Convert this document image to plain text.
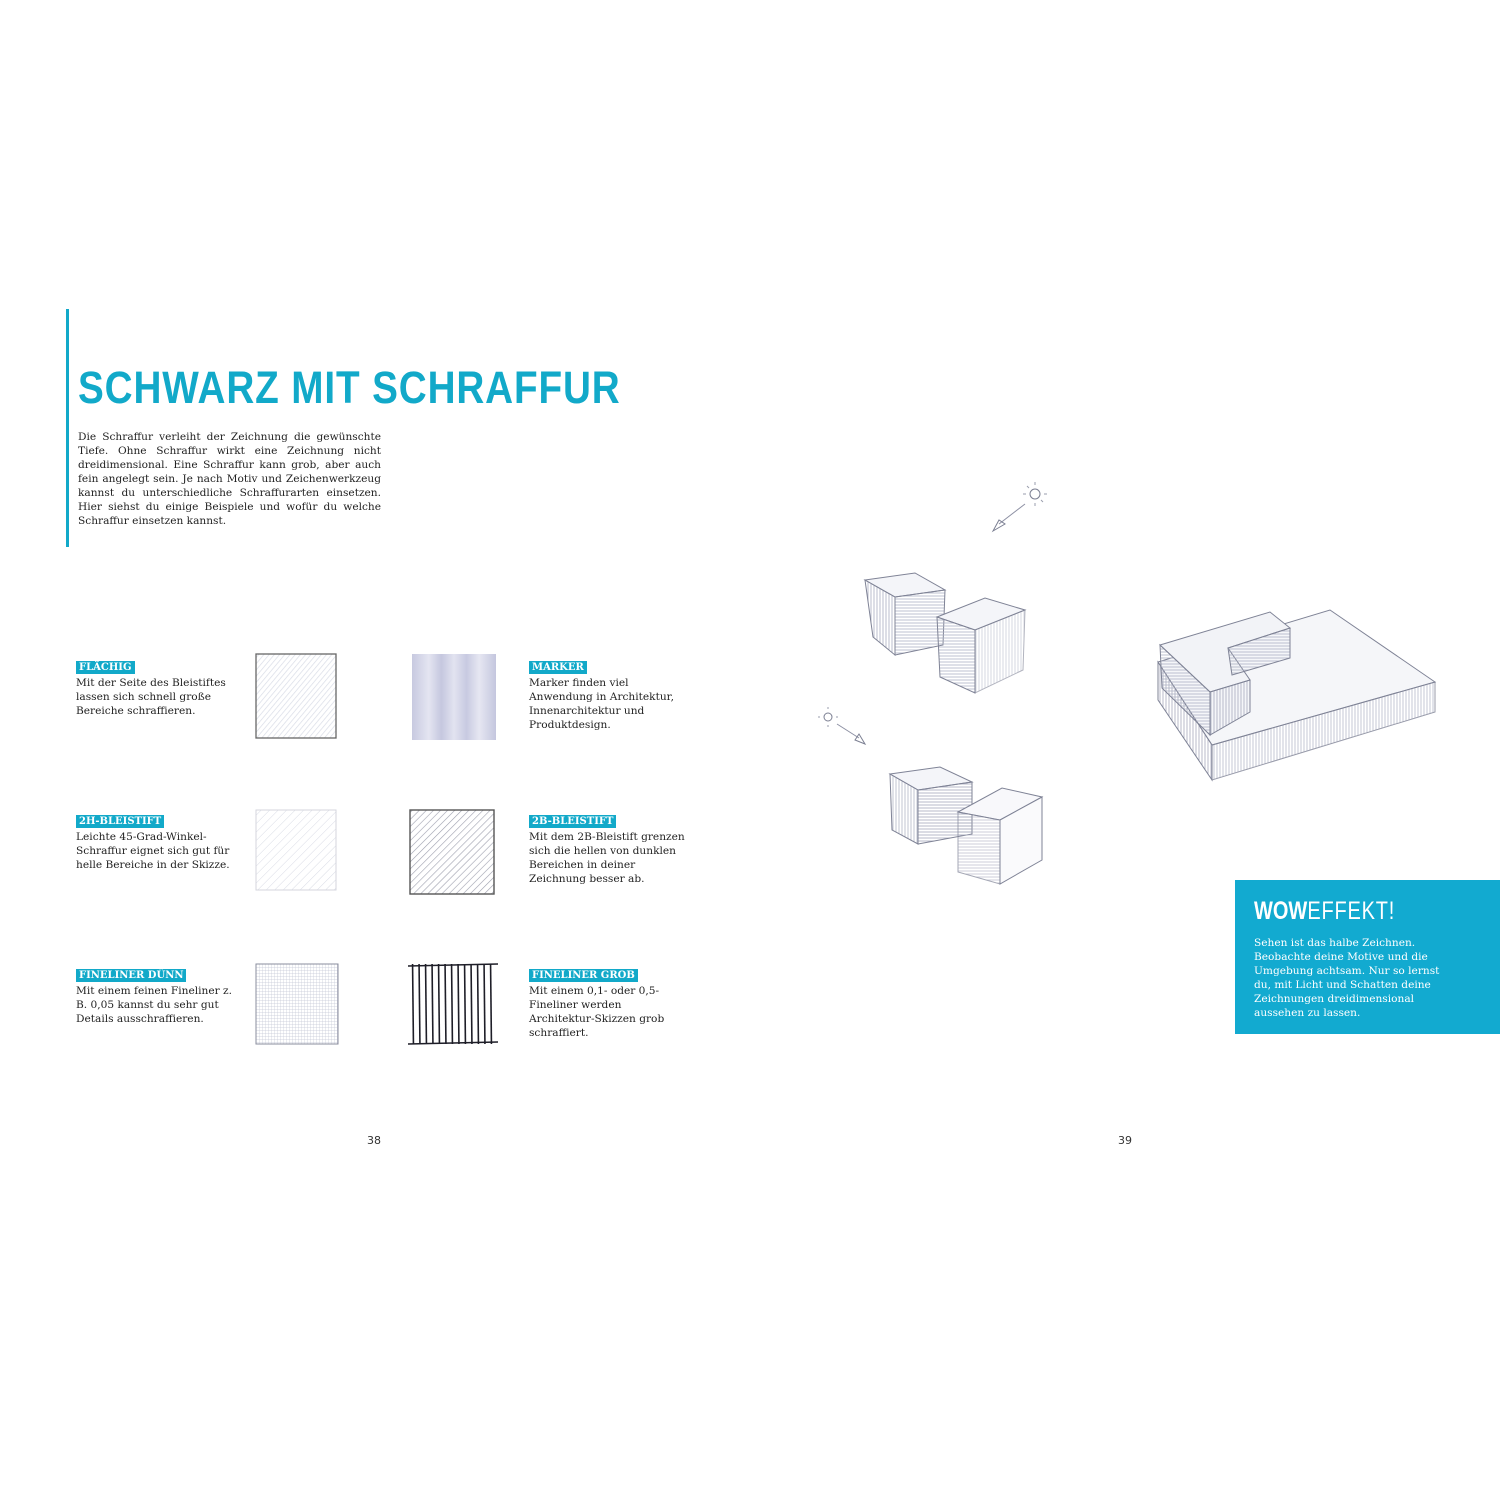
SCHWARZ MIT SCHRAFFUR

Die Schraffur verleiht der Zeichnung die gewünschte Tiefe. Ohne Schraffur wirkt eine Zeichnung nicht dreidimensional. Eine Schraffur kann grob, aber auch fein angelegt sein. Je nach Motiv und Zeichenwerkzeug kannst du unterschiedliche Schraffurarten einsetzen. Hier siehst du einige Beispiele und wofür du welche Schraffur einsetzen kannst.

FLÄCHIG

Mit der Seite des Bleistiftes lassen sich schnell große Bereiche schraffieren.

MARKER

Marker finden viel Anwendung in Architektur, Innenarchitektur und Produktdesign.

2H-BLEISTIFT

Leichte 45-Grad-Winkel-Schraffur eignet sich gut für helle Bereiche in der Skizze.

2B-BLEISTIFT

Mit dem 2B-Bleistift grenzen sich die hellen von dunklen Bereichen in deiner Zeichnung besser ab.

FINELINER DÜNN

Mit einem feinen Fineliner z. B. 0,05 kannst du sehr gut Details ausschraffieren.

FINELINER GROB

Mit einem 0,1- oder 0,5-Fineliner werden Architektur-Skizzen grob schraffiert.

38
WOWEFFEKT!

Sehen ist das halbe Zeichnen. Beobachte deine Motive und die Umgebung achtsam. Nur so lernst du, mit Licht und Schatten deine Zeichnungen dreidimensional aussehen zu lassen.

39
